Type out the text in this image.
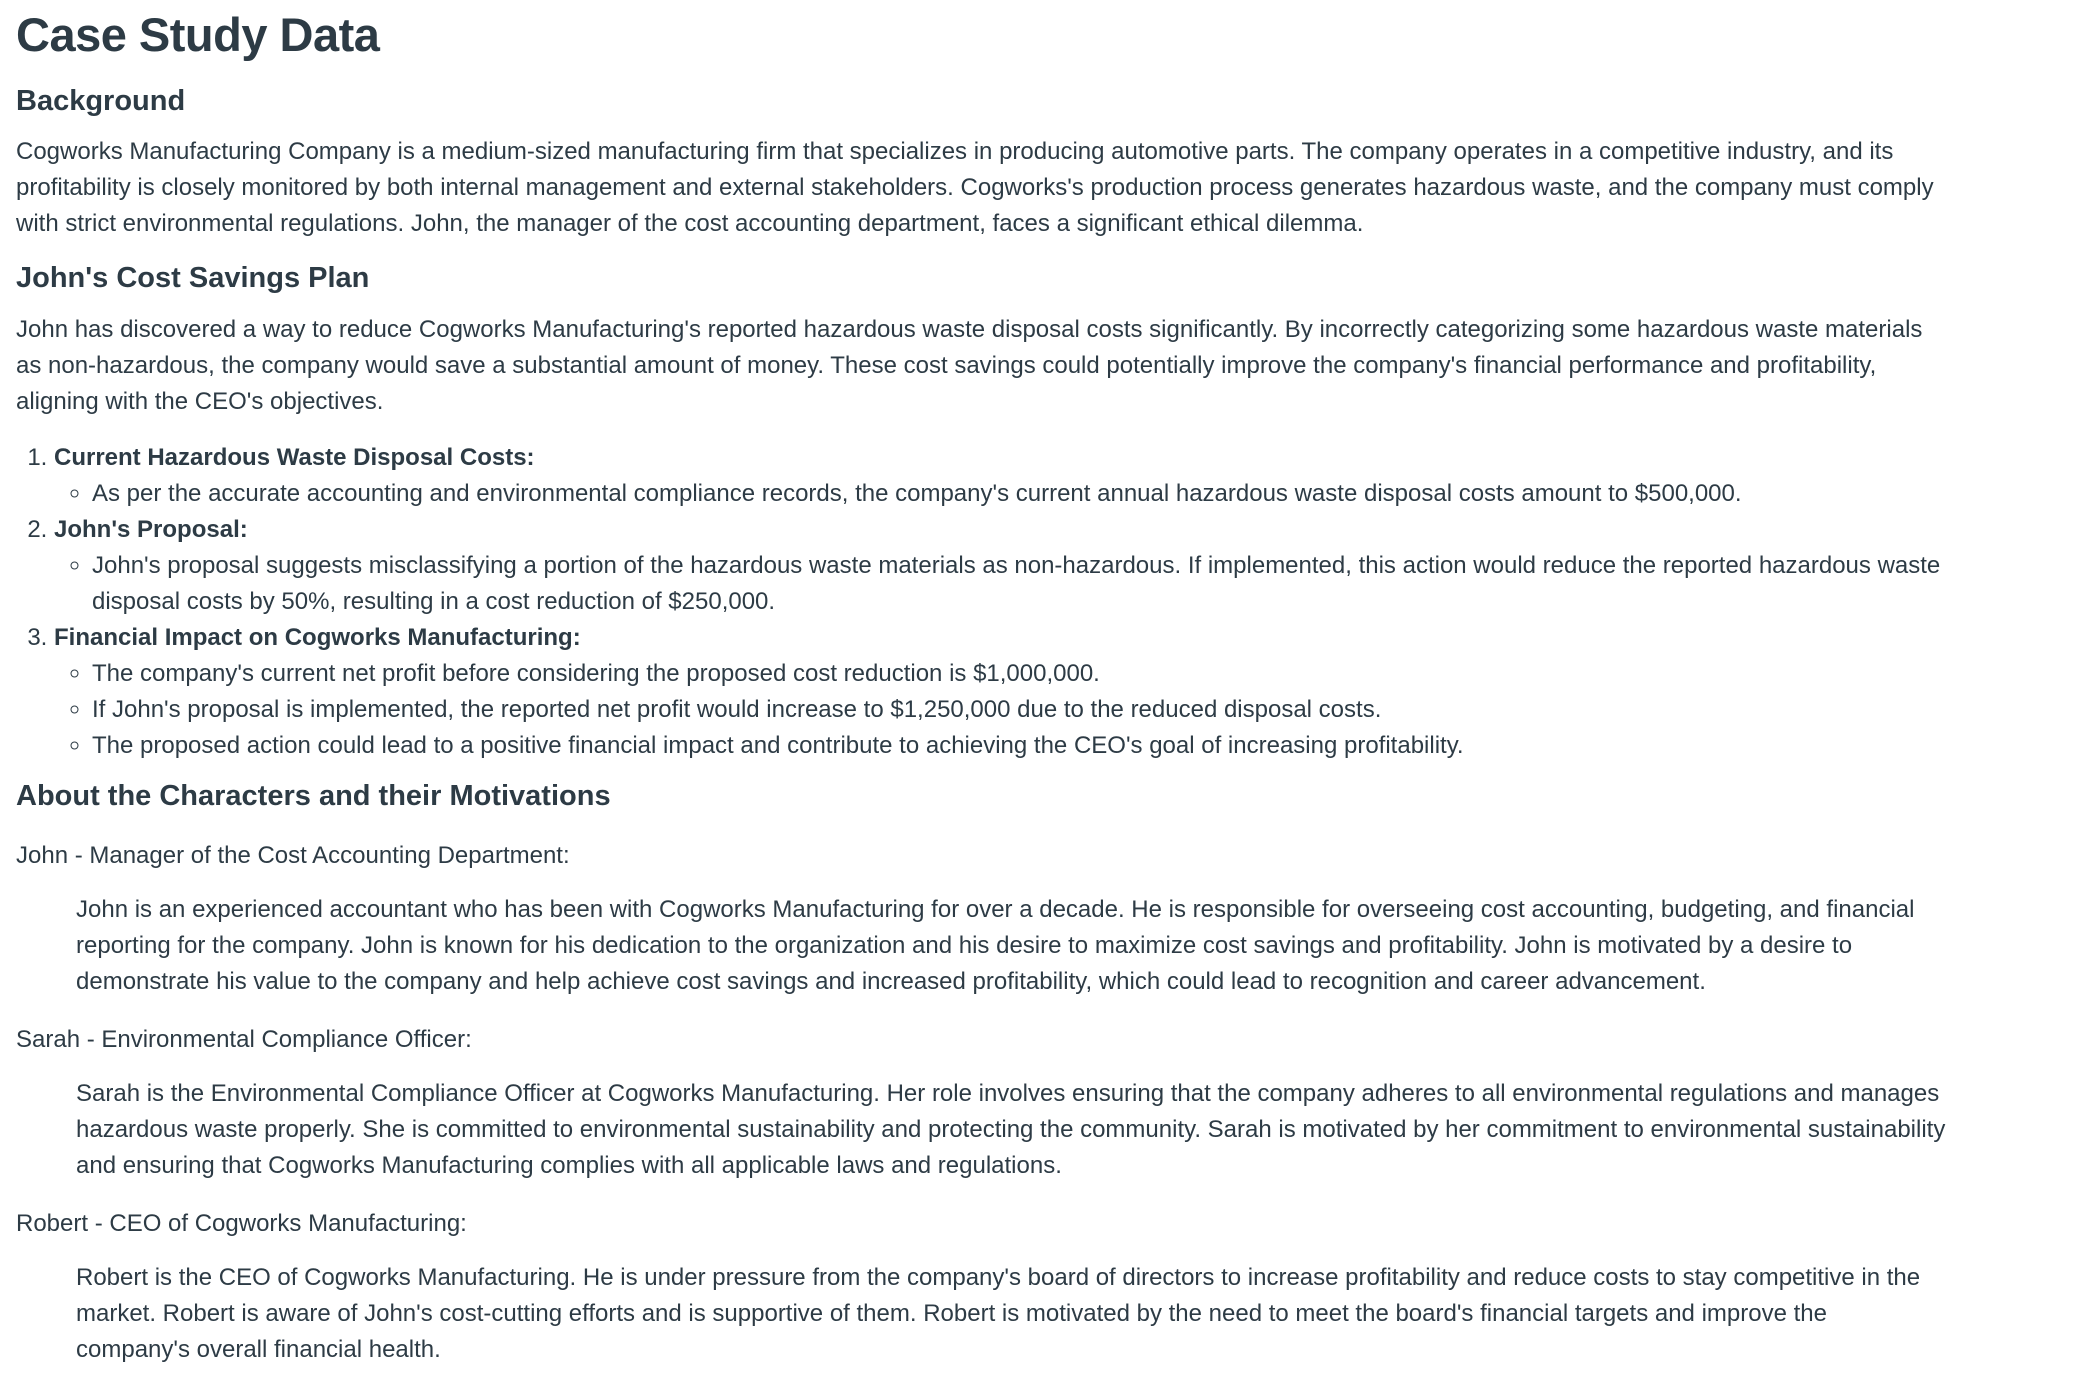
Case Study Data
Background

Cogworks Manufacturing Company is a medium-sized manufacturing firm that specializes in producing automotive parts. The company operates in a competitive industry, and its profitability is closely monitored by both internal management and external stakeholders. Cogworks's production process generates hazardous waste, and the company must comply with strict environmental regulations. John, the manager of the cost accounting department, faces a significant ethical dilemma.

John's Cost Savings Plan

John has discovered a way to reduce Cogworks Manufacturing's reported hazardous waste disposal costs significantly. By incorrectly categorizing some hazardous waste materials as non-hazardous, the company would save a substantial amount of money. These cost savings could potentially improve the company's financial performance and profitability, aligning with the CEO's objectives.

1. Current Hazardous Waste Disposal Costs:
◦ As per the accurate accounting and environmental compliance records, the company's current annual hazardous waste disposal costs amount to $500,000.
2. John's Proposal:
◦ John's proposal suggests misclassifying a portion of the hazardous waste materials as non-hazardous. If implemented, this action would reduce the reported hazardous waste disposal costs by 50%, resulting in a cost reduction of $250,000.
3. Financial Impact on Cogworks Manufacturing:
◦ The company's current net profit before considering the proposed cost reduction is $1,000,000.
◦ If John's proposal is implemented, the reported net profit would increase to $1,250,000 due to the reduced disposal costs.
◦ The proposed action could lead to a positive financial impact and contribute to achieving the CEO's goal of increasing profitability.
About the Characters and their Motivations

John - Manager of the Cost Accounting Department:

John is an experienced accountant who has been with Cogworks Manufacturing for over a decade. He is responsible for overseeing cost accounting, budgeting, and financial reporting for the company. John is known for his dedication to the organization and his desire to maximize cost savings and profitability. John is motivated by a desire to demonstrate his value to the company and help achieve cost savings and increased profitability, which could lead to recognition and career advancement.

Sarah - Environmental Compliance Officer:

Sarah is the Environmental Compliance Officer at Cogworks Manufacturing. Her role involves ensuring that the company adheres to all environmental regulations and manages hazardous waste properly. She is committed to environmental sustainability and protecting the community. Sarah is motivated by her commitment to environmental sustainability and ensuring that Cogworks Manufacturing complies with all applicable laws and regulations.

Robert - CEO of Cogworks Manufacturing:

Robert is the CEO of Cogworks Manufacturing. He is under pressure from the company's board of directors to increase profitability and reduce costs to stay competitive in the market. Robert is aware of John's cost-cutting efforts and is supportive of them. Robert is motivated by the need to meet the board's financial targets and improve the company's overall financial health.
